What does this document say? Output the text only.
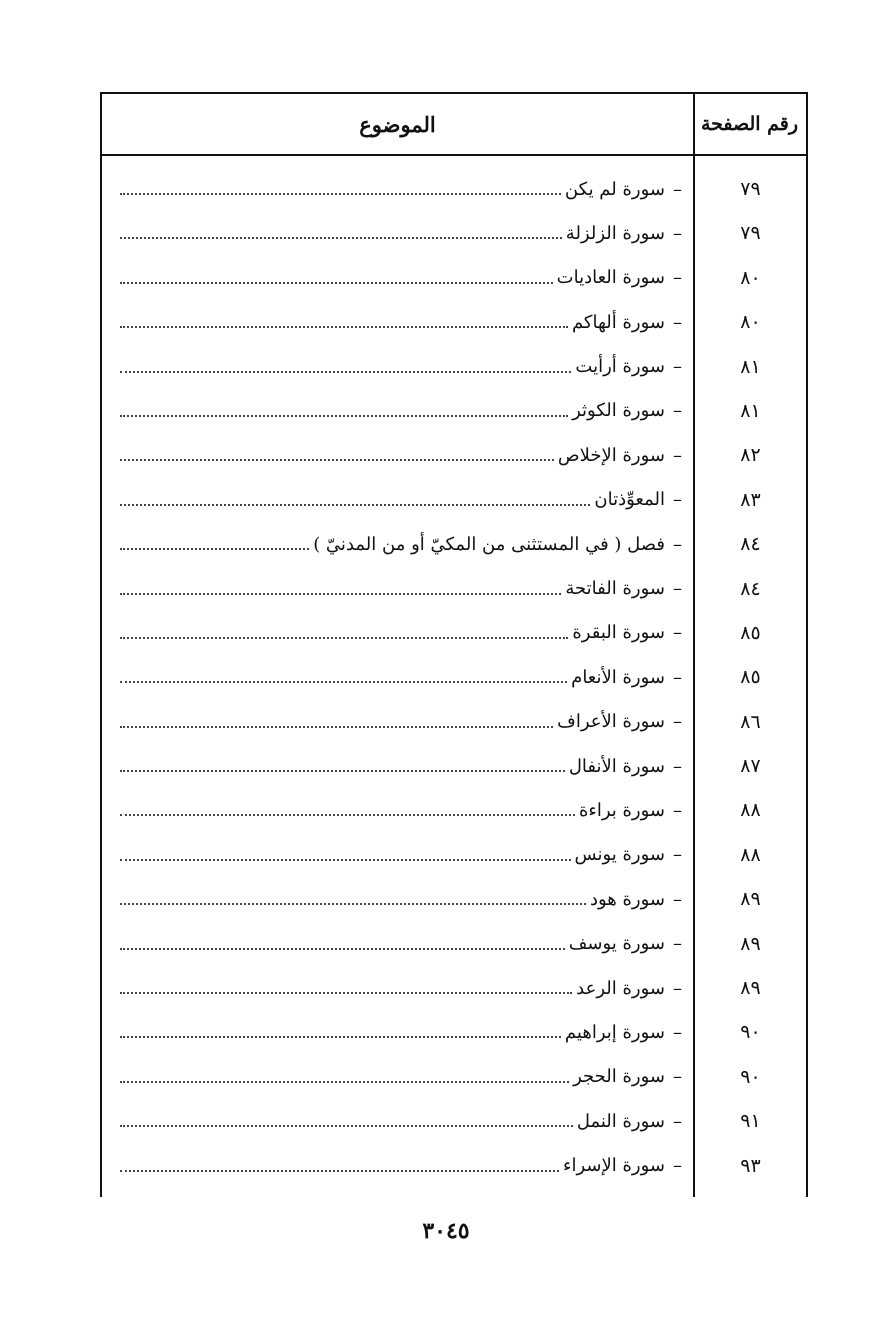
رقم الصفحة
الموضوع
٧٩
–
سورة لم يكن
٧٩
–
سورة الزلزلة
٨٠
–
سورة العاديات
٨٠
–
سورة ألهاكم
٨١
–
سورة أرأيت
٨١
–
سورة الكوثر
٨٢
–
سورة الإخلاص
٨٣
–
المعوِّذتان
٨٤
–
فصل ( في المستثنى من المكيّ أو من المدنيّ )
٨٤
–
سورة الفاتحة
٨٥
–
سورة البقرة
٨٥
–
سورة الأنعام
٨٦
–
سورة الأعراف
٨٧
–
سورة الأنفال
٨٨
–
سورة براءة
٨٨
–
سورة يونس
٨٩
–
سورة هود
٨٩
–
سورة يوسف
٨٩
–
سورة الرعد
٩٠
–
سورة إبراهيم
٩٠
–
سورة الحجر
٩١
–
سورة النمل
٩٣
–
سورة الإسراء
٣٠٤٥
